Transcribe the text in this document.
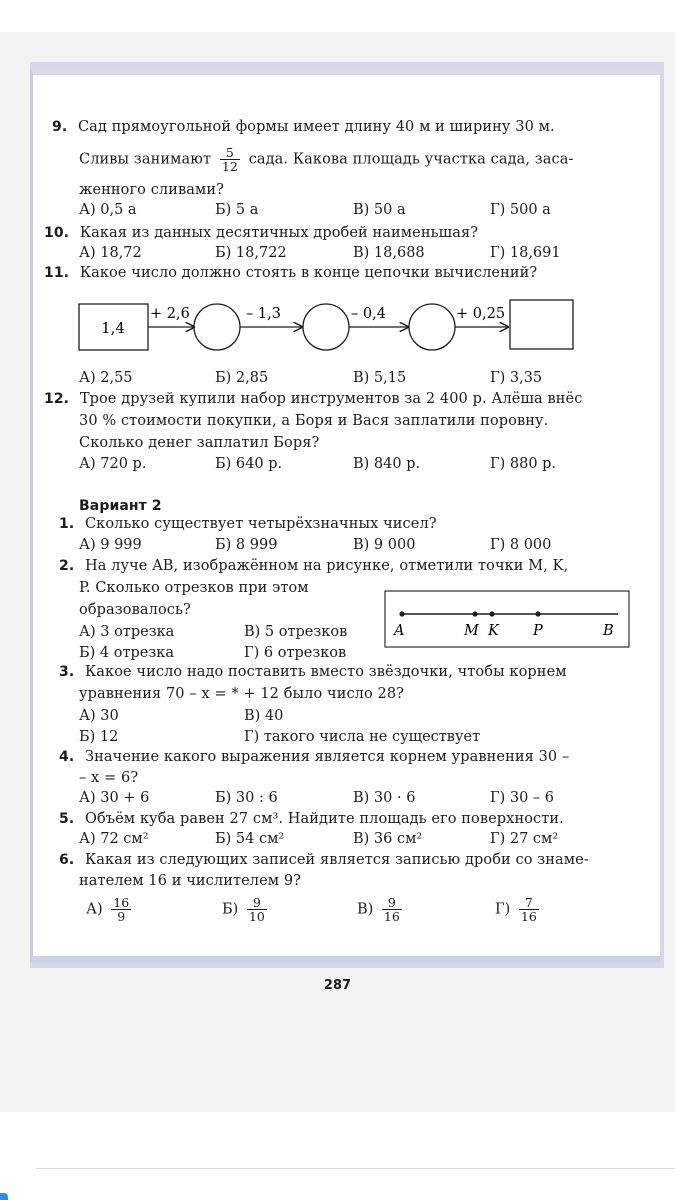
9. Сад прямоугольной формы имеет длину 40 м и ширину 30 м.
Сливы занимают $\frac{5}{12}$ сада. Какова площадь участка сада, заса-
женного сливами?
А) 0,5 а	Б) 5 а	В) 50 а	Г) 500 а
10. Какая из данных десятичных дробей наименьшая?
А) 18,72	Б) 18,722	В) 18,688	Г) 18,691
11. Какое число должно стоять в конце цепочки вычислений?
1,4
+ 2,6	– 1,3	– 0,4	+ 0,25
А) 2,55	Б) 2,85	В) 5,15	Г) 3,35
12. Трое друзей купили набор инструментов за 2 400 р. Алёша внёс
30 % стоимости покупки, а Боря и Вася заплатили поровну.
Сколько денег заплатил Боря?
А) 720 р.	Б) 640 р.	В) 840 р.	Г) 880 р.
Вариант 2
1. Сколько существует четырёхзначных чисел?
А) 9 999	Б) 8 999	В) 9 000	Г) 8 000
2. На луче AB, изображённом на рисунке, отметили точки M, K,
P. Сколько отрезков при этом
образовалось?
А) 3 отрезка	В) 5 отрезков
Б) 4 отрезка	Г) 6 отрезков
A	M K P	B
3. Какое число надо поставить вместо звёздочки, чтобы корнем
уравнения 70 – x = * + 12 было число 28?
А) 30	В) 40
Б) 12	Г) такого числа не существует
4. Значение какого выражения является корнем уравнения 30 –
– x = 6?
А) 30 + 6	Б) 30 : 6	В) 30 · 6	Г) 30 – 6
5. Объём куба равен 27 см³. Найдите площадь его поверхности.
А) 72 см²	Б) 54 см²	В) 36 см²	Г) 27 см²
6. Какая из следующих записей является записью дроби со знаме-
нателем 16 и числителем 9?
$А) \frac{16}{9}$	$Б) \frac{9}{10}$	$В) \frac{9}{16}$	$Г) \frac{7}{16}$
287
